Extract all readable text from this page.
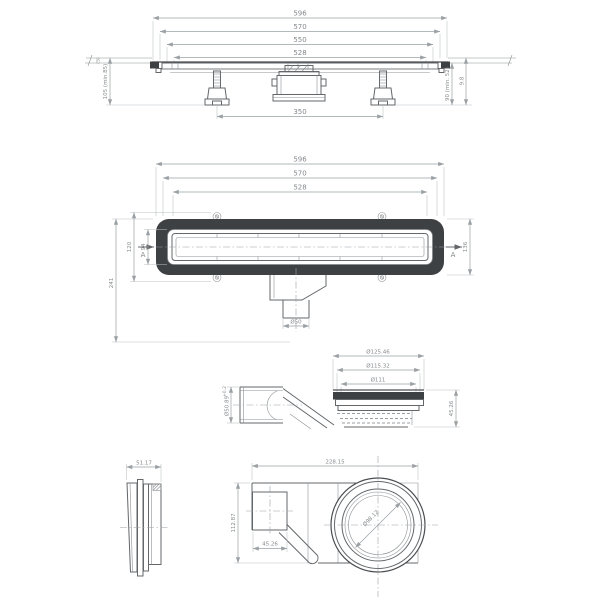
596
570
550
528
350
105 (min.85)
(5)
90 (min. 52) 9.8
596
570
528
A	A
241
120 94	136
Ø50
Ø125.46
Ø115.32
Ø111
45.26
Ø50.89
+0.2
51.17	228.15
112.87
45.26
Ø98.12
